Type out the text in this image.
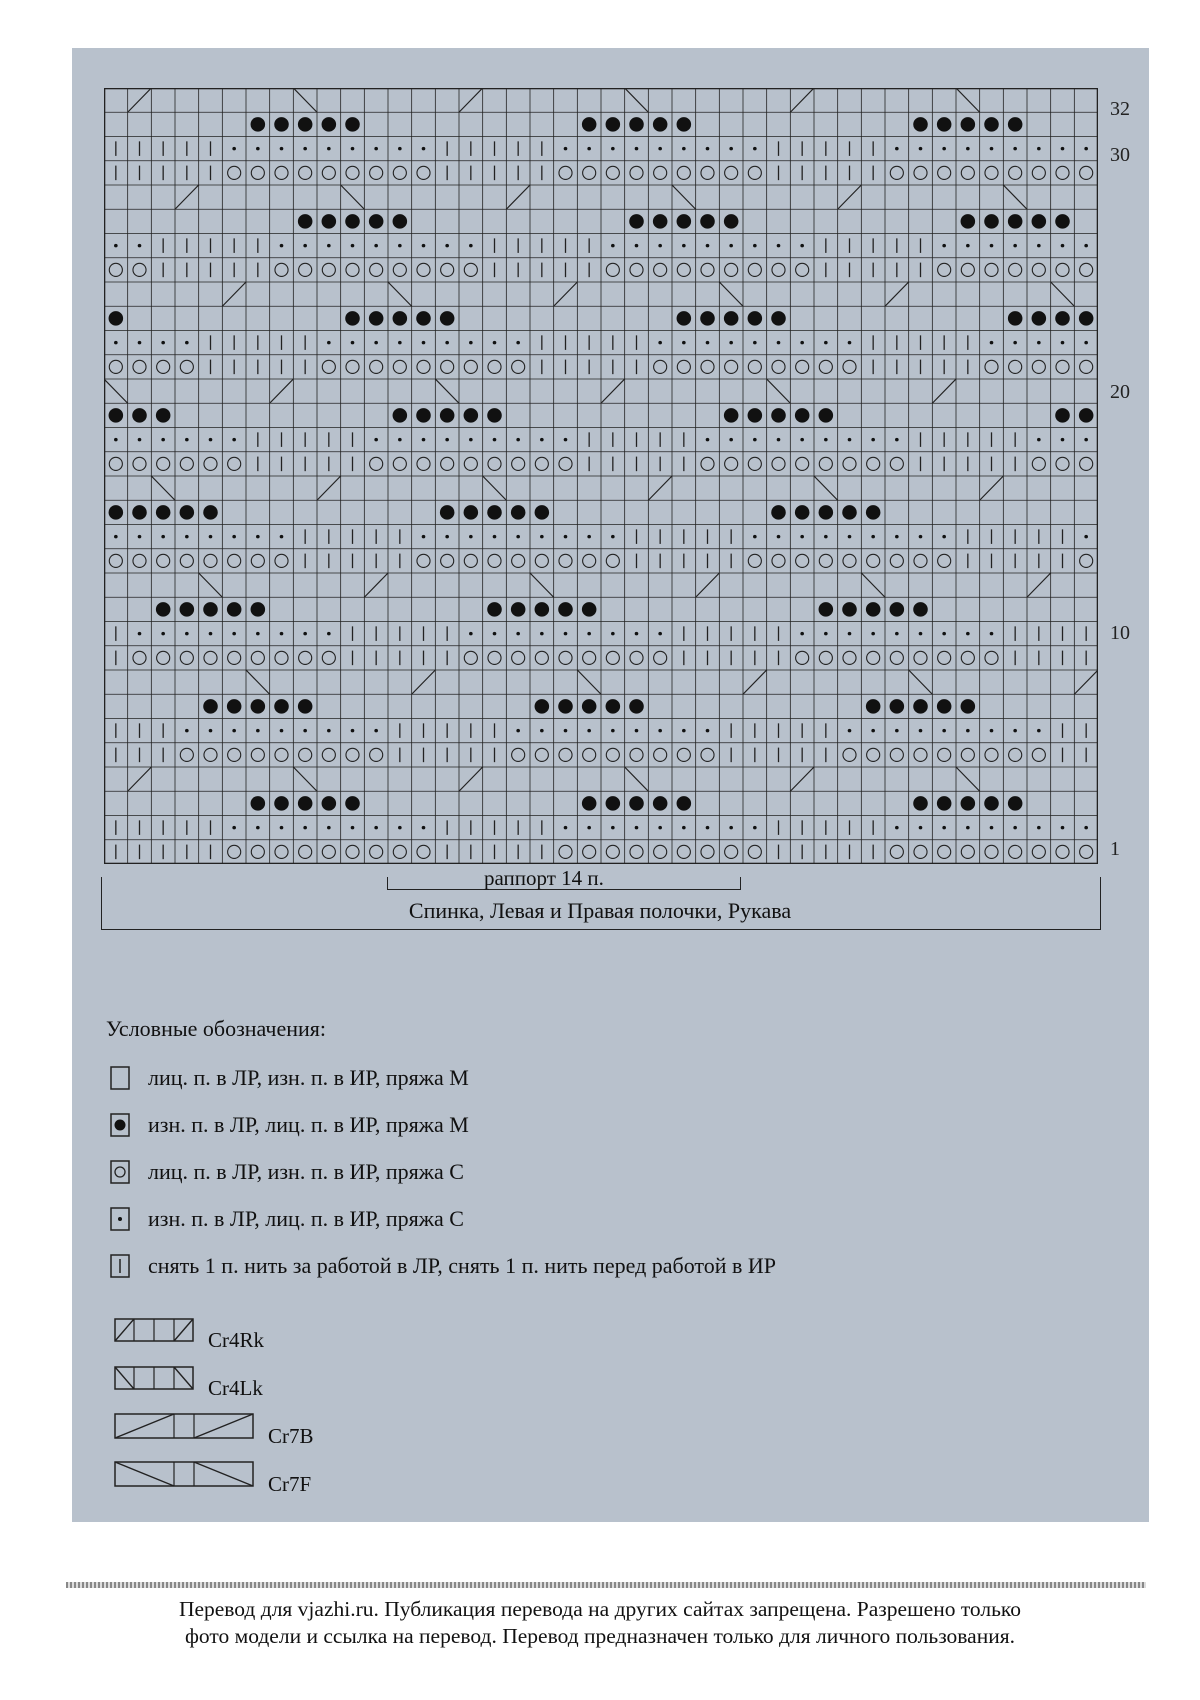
32
30
20
10
1
раппорт 14 п.
Спинка, Левая и Правая полочки, Рукава
Условные обозначения:
лиц. п. в ЛР, изн. п. в ИР, пряжа М
изн. п. в ЛР, лиц. п. в ИР, пряжа М
лиц. п. в ЛР, изн. п. в ИР, пряжа С
изн. п. в ЛР, лиц. п. в ИР, пряжа С
снять 1 п. нить за работой в ЛР, снять 1 п. нить перед работой в ИР
Cr4Rk
Cr4Lk
Cr7B
Cr7F
Перевод для vjazhi.ru. Публикация перевода на других сайтах запрещена. Разрешено только
фото модели и ссылка на перевод. Перевод предназначен только для личного пользования.
